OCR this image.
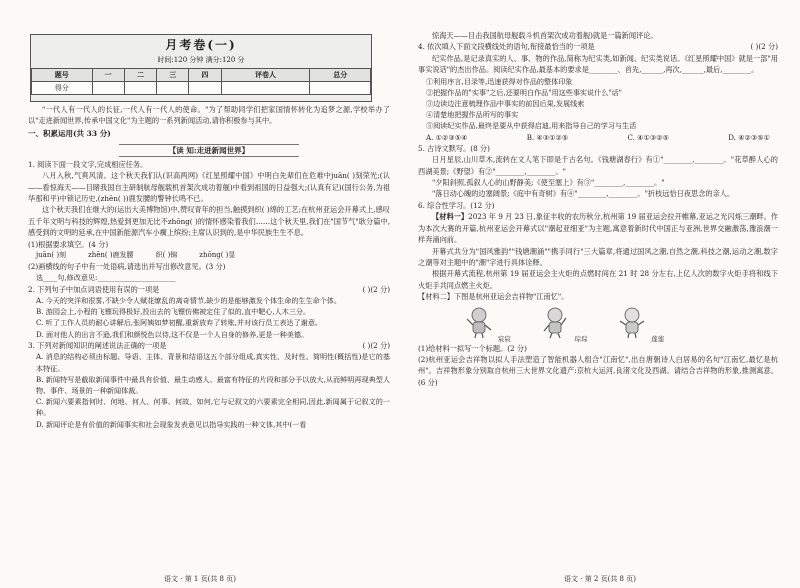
月考卷(一)
时间:120 分钟 满分:120 分
题号	一	二	三	四	评卷人	总分
得分						

"一代人有一代人的长征,一代人有一代人的使命。"为了帮助同学们把家国情怀转化为追梦之源,学校举办了以"走进新闻世界,传承中国文化"为主题的一系列新闻活动,请你积极参与其中。

一、积累运用(共 33 分)
【读 知:走进新闻世界】

1. 阅读下面一段文字,完成相应任务。

八月入秋,气爽风清。这个秋天我们认(识高两网)《红星照耀中国》中明白先辈们在危难中juān( )刻荣光;(认——看惊海天——目睹我国自主研制航母舰载机首架次成功着舰)中看到祖国的日益强大;(认真有记)(国行公务,为祖华那和平)中锁记历史,(zhēn( ))鹿发腰的警钟长鸣不已。

这个秋天我们在继大的(运出大美博物馆)中,赞叹青年的担当,触摸到织( )绵的工艺;在杭州亚运会开幕式上,感叹五千年文明与科技的辉煌,热爱到更加无比不zhōng( )的情怀感染着我们……这个秋天里,我们在"国节气"耿分篇中,感受到的文明的延承,在中国新能源汽车小瘸上缤纷;主席认识到的,是中华民族生生不息。

(1)根据要求填空。(4 分)

juān( )刻	zhēn( )鹿发腰	织( )锦	zhōng( )显

(2)画横线的句子中有一处语病,请选出并写出修改意见。(3 分)

选____句,修改意见:______________________

2. 下列句子中加点词语使用有误的一项是	( )(2 分)

A. 今天的突洋和很雾,不缺少令人赋花缭乱的离奇情节,缺少的是能够激发个体生命的生生命个体。

B. 游园会上,小程的飞镖玩得极好,投出去的飞镖仿佛被定住了似的,直中靶心,人木三分。

C. 听了工作人员的耐心讲解后,张阿姨如梦初醒,重新放弃了转账,并对该行员工表达了谢意。

D. 面对他人的出言不逊,我们和颜悦色以待,这不仅是一个人自身的修养,更是一种美德。

3. 下列对新闻知识的阐述说法正确的一项是	( )(2 分)

A. 消息的结构必须由标题、导语、主体、背景和结语这五个部分组成,真实性、及时性、简明性(概括性)是它的基本特征。

B. 新闻特写是截取新闻事件中最具有价值、最生动感人、最富有特征的片段和部分予以放大,从而鲜明再现典型人物、事件、场景的一种新闻体裁。

C. 新闻六要素指何时、何地、何人、何事、何故、如何,它与记叙文的六要素完全相同,因此,新闻属于记叙文的一种。

D. 新闻评论是有价值的新闻事实和社会现象发表意见以指导实践的一种文体,其中(一看

语文 · 第 1 页(共 8 页)

惊海天——目击我国航母舰载斗机首架次成功着舰)就是一篇新闻评论。

4. 依次填入下面文段横线处的语句,衔接最恰当的一项是	( )(2 分)

纪实作品,是记录真实的人、事、物的作品,简称为纪实类,如新闻、纪实类说话。《红星照耀中国》就是一部"用事实说话"的杰出作品。阅读纪实作品,最基本的要求是________、首先,______,再次,______,最后,________。

①利用序言,目录等,迅速获得对作品的整体印象

②把握作品的"实事"之后,还要明白作品"用这些事实说什么"话"

③边读边注意梳理作品中事实的前因后果,发展线索

④清楚地把握作品所写的事实

⑤阅读纪实作品,最终是要从中获得启迪,用来指导自己的学习与生活

A. ①②③⑤④	B. ④③①②⑤	C. ④①③②⑤	D. ④②③⑤①

5. 古诗文默写。(8 分)

日月星辰,山川草木,流转在文人笔下即是千古名句。《钱塘湖春行》有①"________,________。"花草醉人心的西湖美景;《野望》有②"________,________。"

"夕阳斜照,孤叙人心的山野静美;《使至塞上》有③"________,________。"

"落日动心魄的边塞阔景;《庭中有奇树》有④"________,________。"折枝远恰日夜思念的亲人。

6. 综合性学习。(12 分)

【材料一】2023 年 9 月 23 日,象征丰收的农历秋分,杭州第 19 届亚运会拉开帷幕,亚运之光闪烁三潮畔。作为本次大赛的开篇,杭州亚运会开幕式以"潮起亚细亚"为主题,寓意着新时代中国正与亚洲,世界交融激荡,豫浪潮一样奔涌向前。

开幕式共分为"国风雅韵""钱塘潮涌""携手同行"三大篇章,将通过国风之潮,自然之潮,科技之潮,运动之潮,数字之潮等对主题中的"潮"字进行具体诠释。

根据开幕式流程,杭州第 19 届亚运会主火炬的点燃时间在 21 时 28 分左右,上亿人次的数字火炬手将和线下火炬手共同点燃主火炬。

【材料二】下图是杭州亚运会吉祥物"江南忆"。

宸宸	琮琮	莲莲

(1)给材料一拟写一个标题。(2 分)

(2)杭州亚运会吉祥物以拟人手法塑造了智能机器人组合"江南忆",出自唐朝诗人白居易的名句"江南忆,最忆是杭州"。吉祥物形象分别取自杭州三大世界文化遗产:京杭大运河,良渚文化及西湖。请结合吉祥物的形象,推测寓意。(6 分)

语文 · 第 2 页(共 8 页)
